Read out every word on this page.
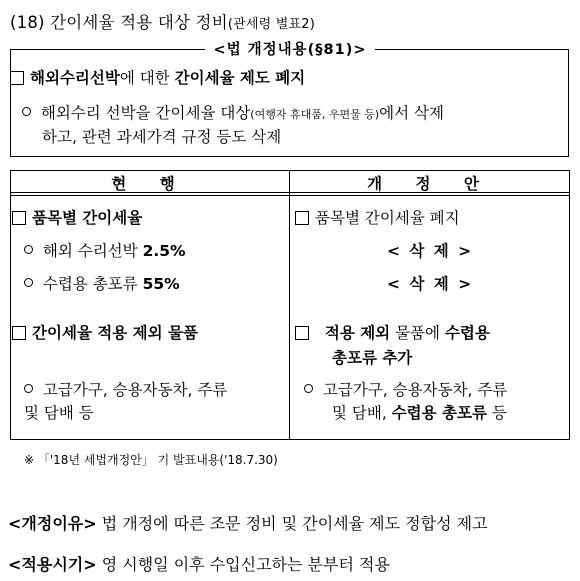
(18) 간이세율 적용 대상 정비(관세령 별표2)
<법 개정내용(§81)>
해외수리선박에 대한 간이세율 제도 폐지
해외수리 선박을 간이세율 대상(여행자 휴대품, 우편물 등)에서 삭제
하고, 관련 과세가격 규정 등도 삭제
현 행	개 정 안
품목별 간이세율
해외 수리선박 2.5%
수렵용 총포류 55%
간이세율 적용 제외 물품
고급가구, 승용자동차, 주류
및 담배 등
품목별 간이세율 폐지
< 삭 제 >
< 삭 제 >
적용 제외 물품에 수렵용
총포류 추가
고급가구, 승용자동차, 주류
및 담배, 수렵용 총포류 등
※ 「'18년 세법개정안」 기 발표내용('18.7.30)
<개정이유> 법 개정에 따른 조문 정비 및 간이세율 제도 정합성 제고
<적용시기> 영 시행일 이후 수입신고하는 분부터 적용
